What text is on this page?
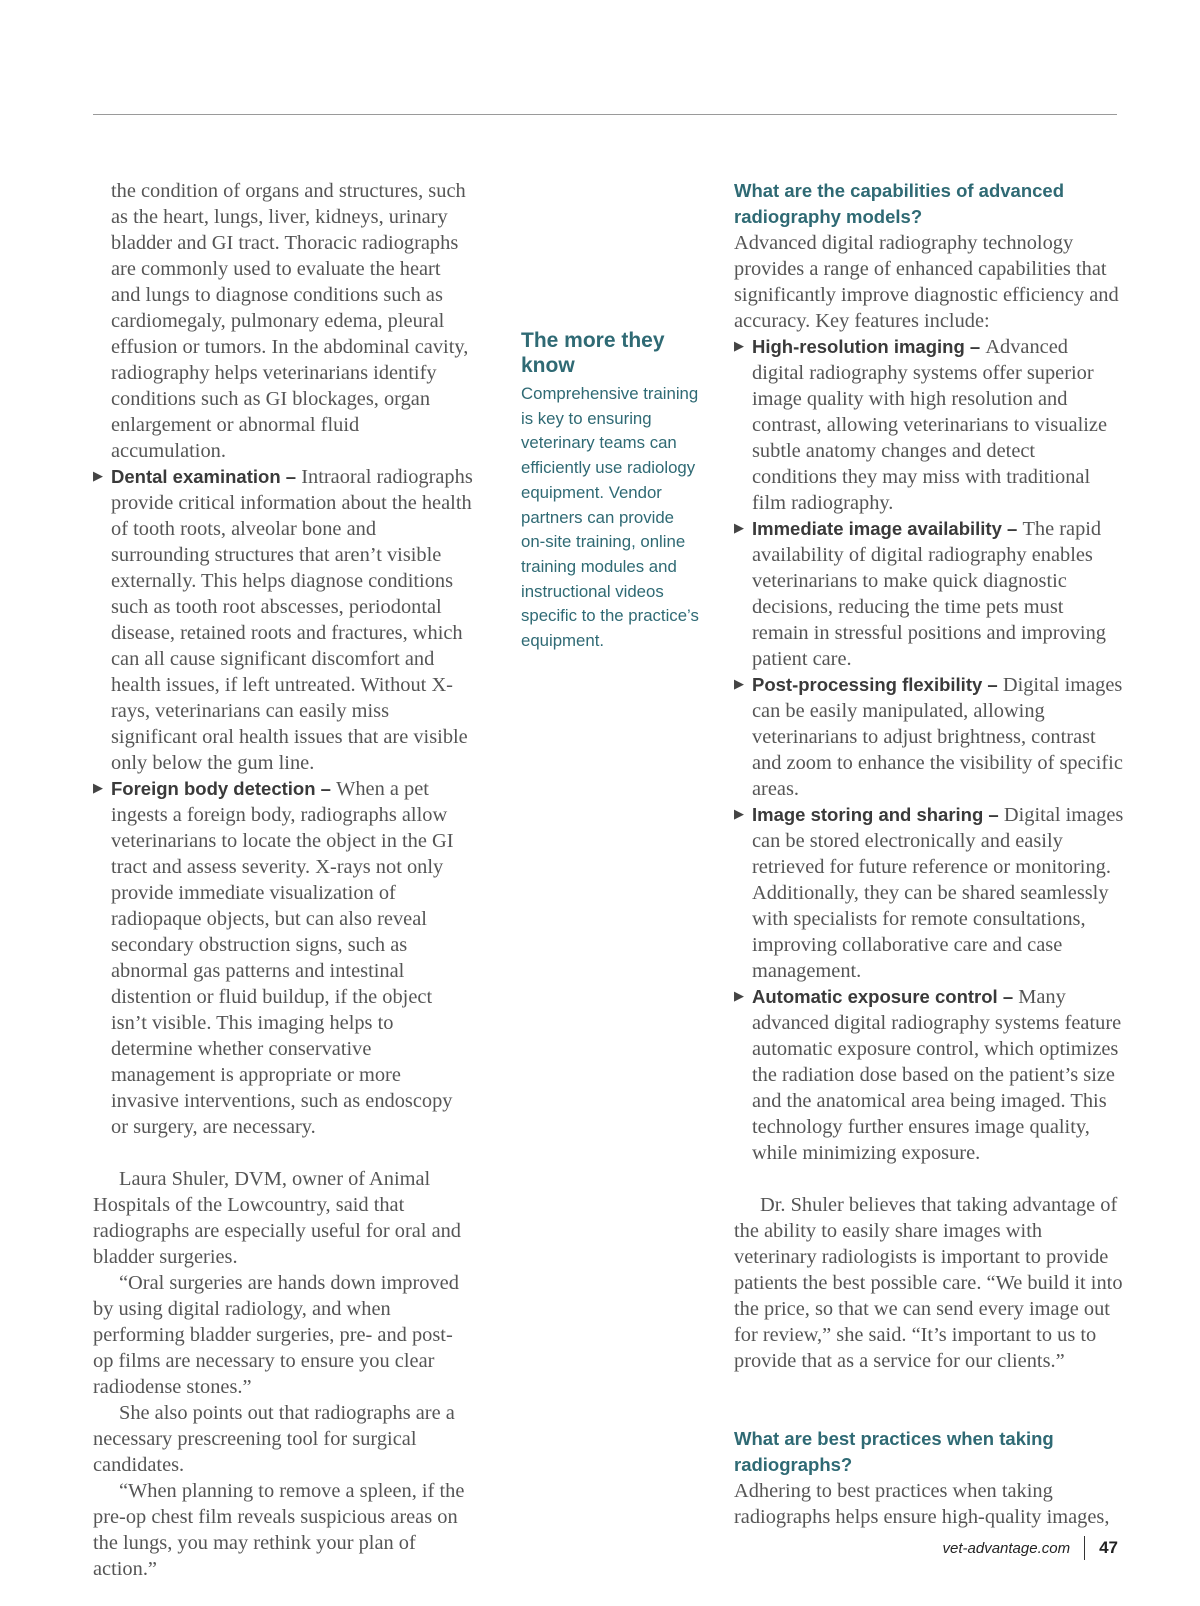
the condition of organs and structures, such as the heart, lungs, liver, kidneys, urinary bladder and GI tract. Thoracic radiographs are commonly used to evaluate the heart and lungs to diagnose conditions such as cardiomegaly, pulmonary edema, pleural effusion or tumors. In the abdominal cavity, radiography helps veterinarians identify conditions such as GI blockages, organ enlargement or abnormal fluid accumulation.

▶ Dental examination – Intraoral radiographs provide critical information about the health of tooth roots, alveolar bone and surrounding structures that aren’t visible externally. This helps diagnose conditions such as tooth root abscesses, periodontal disease, retained roots and fractures, which can all cause significant discomfort and health issues, if left untreated. Without X-rays, veterinarians can easily miss significant oral health issues that are visible only below the gum line.
▶ Foreign body detection – When a pet ingests a foreign body, radiographs allow veterinarians to locate the object in the GI tract and assess severity. X-rays not only provide immediate visualization of radiopaque objects, but can also reveal secondary obstruction signs, such as abnormal gas patterns and intestinal distention or fluid buildup, if the object isn’t visible. This imaging helps to determine whether conservative management is appropriate or more invasive interventions, such as endoscopy or surgery, are necessary.

Laura Shuler, DVM, owner of Animal Hospitals of the Lowcountry, said that radiographs are especially useful for oral and bladder surgeries.

“Oral surgeries are hands down improved by using digital radiology, and when performing bladder surgeries, pre- and post-op films are necessary to ensure you clear radiodense stones.”

She also points out that radiographs are a necessary prescreening tool for surgical candidates.

“When planning to remove a spleen, if the pre-op chest film reveals suspicious areas on the lungs, you may rethink your plan of action.”

The more they know

Comprehensive training is key to ensuring veterinary teams can efficiently use radiology equipment. Vendor partners can provide on-site training, online training modules and instructional videos specific to the practice’s equipment.

What are the capabilities of advanced radiography models?

Advanced digital radiography technology provides a range of enhanced capabilities that significantly improve diagnostic efficiency and accuracy. Key features include:

▶ High-resolution imaging – Advanced digital radiography systems offer superior image quality with high resolution and contrast, allowing veterinarians to visualize subtle anatomy changes and detect conditions they may miss with traditional film radiography.
▶ Immediate image availability – The rapid availability of digital radiography enables veterinarians to make quick diagnostic decisions, reducing the time pets must remain in stressful positions and improving patient care.
▶ Post-processing flexibility – Digital images can be easily manipulated, allowing veterinarians to adjust brightness, contrast and zoom to enhance the visibility of specific areas.
▶ Image storing and sharing – Digital images can be stored electronically and easily retrieved for future reference or monitoring. Additionally, they can be shared seamlessly with specialists for remote consultations, improving collaborative care and case management.
▶ Automatic exposure control – Many advanced digital radiography systems feature automatic exposure control, which optimizes the radiation dose based on the patient’s size and the anatomical area being imaged. This technology further ensures image quality, while minimizing exposure.

Dr. Shuler believes that taking advantage of the ability to easily share images with veterinary radiologists is important to provide patients the best possible care. “We build it into the price, so that we can send every image out for review,” she said. “It’s important to us to provide that as a service for our clients.”

What are best practices when taking radiographs?

Adhering to best practices when taking radiographs helps ensure high-quality images,

vet-advantage.com 47
